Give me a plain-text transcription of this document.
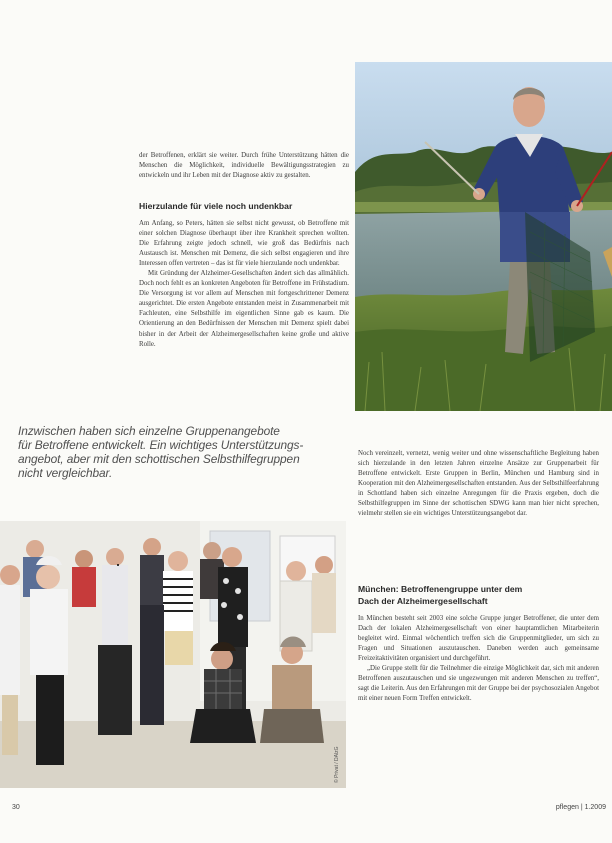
der Betroffenen, erklärt sie weiter. Durch frühe Unterstützung hätten die Menschen die Möglichkeit, individuelle Bewältigungsstrategien zu entwickeln und ihr Leben mit der Diagnose aktiv zu gestalten.

Hierzulande für viele noch undenkbar

Am Anfang, so Peters, hätten sie selbst nicht gewusst, ob Betroffene mit einer solchen Diagnose überhaupt über ihre Krankheit sprechen wollten. Die Erfahrung zeigte jedoch schnell, wie groß das Bedürfnis nach Austausch ist. Menschen mit Demenz, die sich selbst engagieren und ihre Interessen offen vertreten – das ist für viele hierzulande noch undenkbar.

Mit Gründung der Alzheimer-Gesellschaften ändert sich das allmählich. Doch noch fehlt es an konkreten Angeboten für Betroffene im Frühstadium. Die Versorgung ist vor allem auf Menschen mit fortgeschrittener Demenz ausgerichtet. Die ersten Angebote entstanden meist in Zusammenarbeit mit Fachleuten, eine Selbsthilfe im eigentlichen Sinne gab es kaum. Die Orientierung an den Bedürfnissen der Menschen mit Demenz spielt dabei bisher in der Arbeit der Alzheimergesellschaften keine große und aktive Rolle.

Inzwischen haben sich einzelne Gruppenangebote
für Betroffene entwickelt. Ein wichtiges Unterstützungs-
angebot, aber mit den schottischen Selbsthilfegruppen
nicht vergleichbar.

Noch vereinzelt, vernetzt, wenig weiter und ohne wissenschaftliche Begleitung haben sich hierzulande in den letzten Jahren einzelne Ansätze zur Gruppenarbeit für Betroffene entwickelt. Erste Gruppen in Berlin, München und Hamburg sind in Kooperation mit den Alzheimergesellschaften entstanden. Aus der Selbsthilfeerfahrung in Schottland haben sich einzelne Anregungen für die Praxis ergeben, doch die Selbsthilfegruppen im Sinne der schottischen SDWG kann man hier nicht sprechen, vielmehr stellen sie ein wichtiges Unterstützungsangebot dar.

München: Betroffenengruppe unter dem
Dach der Alzheimergesellschaft

In München besteht seit 2003 eine solche Gruppe junger Betroffener, die unter dem Dach der lokalen Alzheimergesellschaft von einer hauptamtlichen Mitarbeiterin begleitet wird. Einmal wöchentlich treffen sich die Gruppenmitglieder, um sich zu Fragen und Situationen auszutauschen. Daneben werden auch gemeinsame Freizeitaktivitäten organisiert und durchgeführt.

„Die Gruppe stellt für die Teilnehmer die einzige Möglichkeit dar, sich mit anderen Betroffenen auszutauschen und sie ungezwungen mit anderen Menschen zu treffen“, sagt die Leiterin. Aus den Erfahrungen mit der Gruppe bei der psychosozialen Angebot mit einer neuen Form Treffen entwickelt.

© Privat / DAlzG
30	pflegen | 1.2009
